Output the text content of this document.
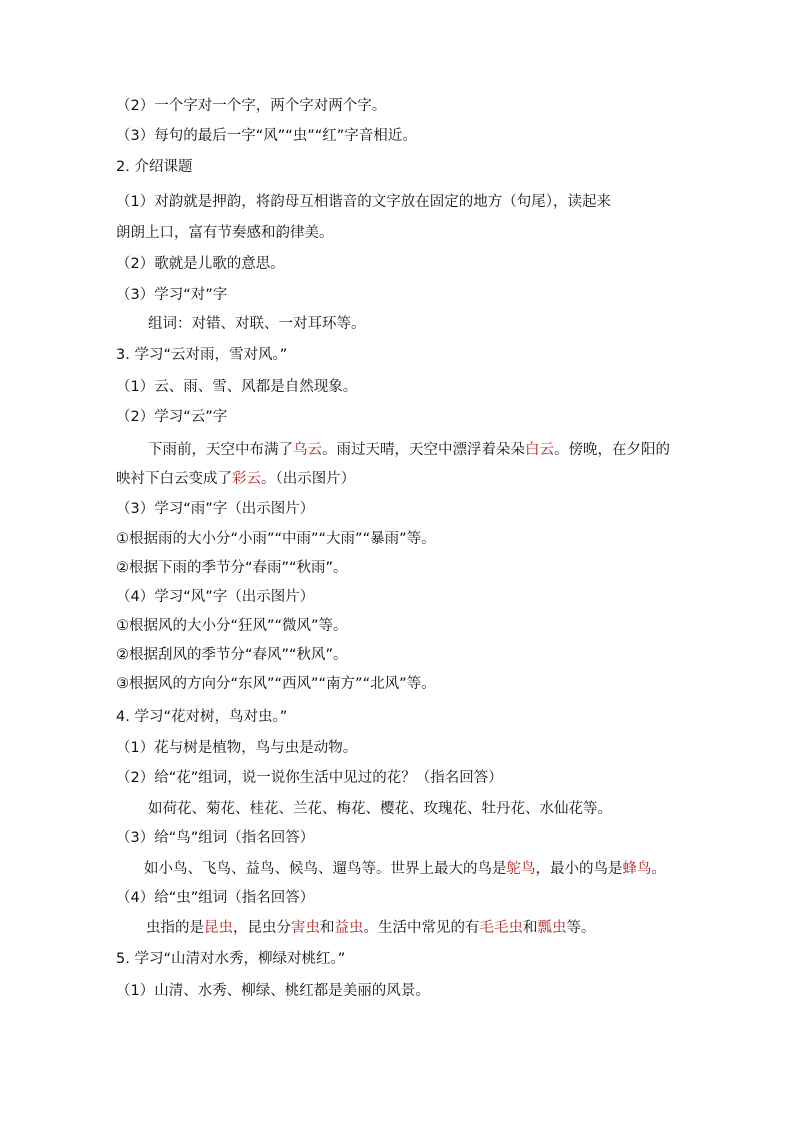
（2）一个字对一个字，两个字对两个字。
（3）每句的最后一字“风”“虫”“红”字音相近。
2. 介绍课题
（1）对韵就是押韵，将韵母互相谐音的文字放在固定的地方（句尾），读起来
朗朗上口，富有节奏感和韵律美。
（2）歌就是儿歌的意思。
（3）学习“对”字
组词：对错、对联、一对耳环等。
3. 学习“云对雨，雪对风。”
（1）云、雨、雪、风都是自然现象。
（2）学习“云”字
下雨前，天空中布满了乌云。雨过天晴，天空中漂浮着朵朵白云。傍晚，在夕阳的
映衬下白云变成了彩云。（出示图片）
（3）学习“雨”字（出示图片）
①根据雨的大小分“小雨”“中雨”“大雨”“暴雨”等。
②根据下雨的季节分“春雨”“秋雨”。
（4）学习“风”字（出示图片）
①根据风的大小分“狂风”“微风”等。
②根据刮风的季节分“春风”“秋风”。
③根据风的方向分“东风”“西风”“南方”“北风”等。
4. 学习“花对树，鸟对虫。”
（1）花与树是植物，鸟与虫是动物。
（2）给“花”组词，说一说你生活中见过的花？（指名回答）
如荷花、菊花、桂花、兰花、梅花、樱花、玫瑰花、牡丹花、水仙花等。
（3）给“鸟”组词（指名回答）
如小鸟、飞鸟、益鸟、候鸟、遛鸟等。世界上最大的鸟是鸵鸟，最小的鸟是蜂鸟。
（4）给“虫”组词（指名回答）
虫指的是昆虫，昆虫分害虫和益虫。生活中常见的有毛毛虫和瓢虫等。
5. 学习“山清对水秀，柳绿对桃红。”
（1）山清、水秀、柳绿、桃红都是美丽的风景。
